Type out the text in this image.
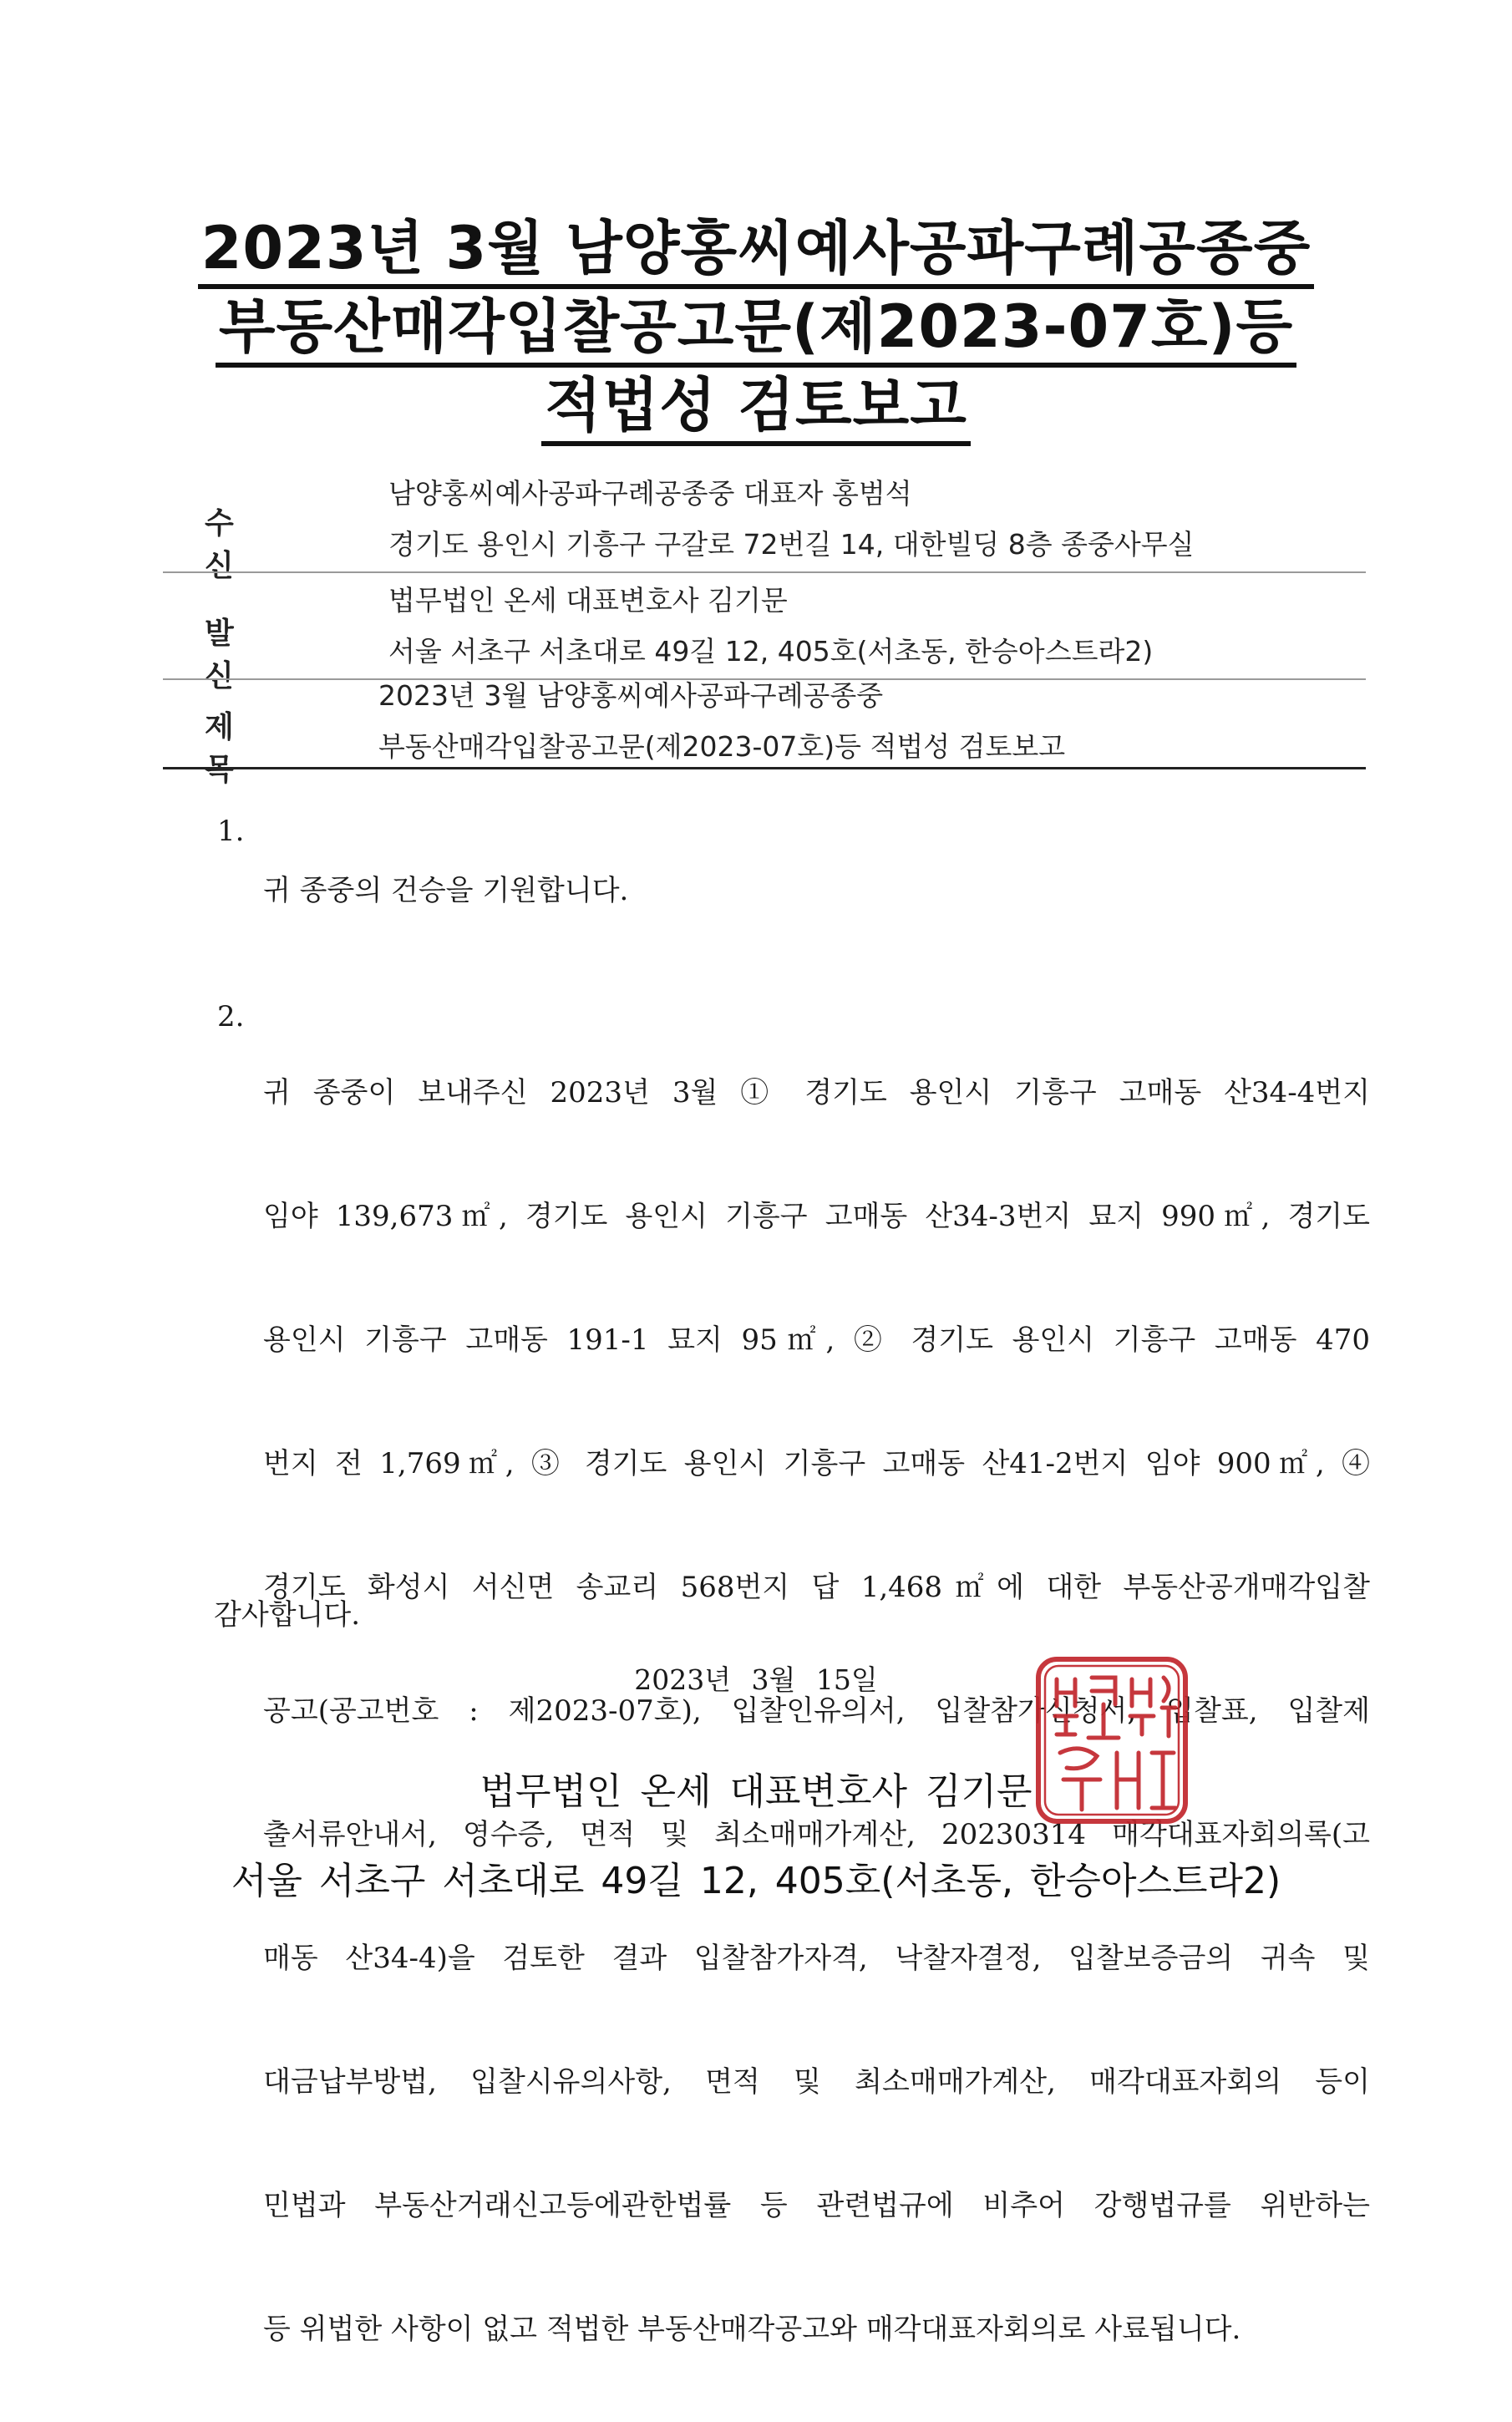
2023년 3월 남양홍씨예사공파구례공종중
부동산매각입찰공고문(제2023-07호)등
적법성 검토보고
수신
남양홍씨예사공파구례공종중 대표자 홍범석
경기도 용인시 기흥구 구갈로 72번길 14, 대한빌딩 8층 종중사무실
발신
법무법인 온세 대표변호사 김기문
서울 서초구 서초대로 49길 12, 405호(서초동, 한승아스트라2)
제목
2023년 3월 남양홍씨예사공파구례공종중
부동산매각입찰공고문(제2023-07호)등 적법성 검토보고
1.

귀 종중의 건승을 기원합니다.

2.

귀 종중이 보내주신 2023년 3월 ① 경기도 용인시 기흥구 고매동 산34-4번지

임야 139,673㎡, 경기도 용인시 기흥구 고매동 산34-3번지 묘지 990㎡, 경기도

용인시 기흥구 고매동 191-1 묘지 95㎡, ② 경기도 용인시 기흥구 고매동 470

번지 전 1,769㎡, ③ 경기도 용인시 기흥구 고매동 산41-2번지 임야 900㎡, ④

경기도 화성시 서신면 송교리 568번지 답 1,468㎡에 대한 부동산공개매각입찰

공고(공고번호 : 제2023-07호), 입찰인유의서, 입찰참가신청서, 입찰표, 입찰제

출서류안내서, 영수증, 면적 및 최소매매가계산, 20230314 매각대표자회의록(고

매동 산34-4)을 검토한 결과 입찰참가자격, 낙찰자결정, 입찰보증금의 귀속 및

대금납부방법, 입찰시유의사항, 면적 및 최소매매가계산, 매각대표자회의 등이

민법과 부동산거래신고등에관한법률 등 관련법규에 비추어 강행법규를 위반하는

등 위법한 사항이 없고 적법한 부동산매각공고와 매각대표자회의로 사료됩니다.

감사합니다.
2023년 3월 15일
법무법인 온세 대표변호사 김기문
서울 서초구 서초대로 49길 12, 405호(서초동, 한승아스트라2)
